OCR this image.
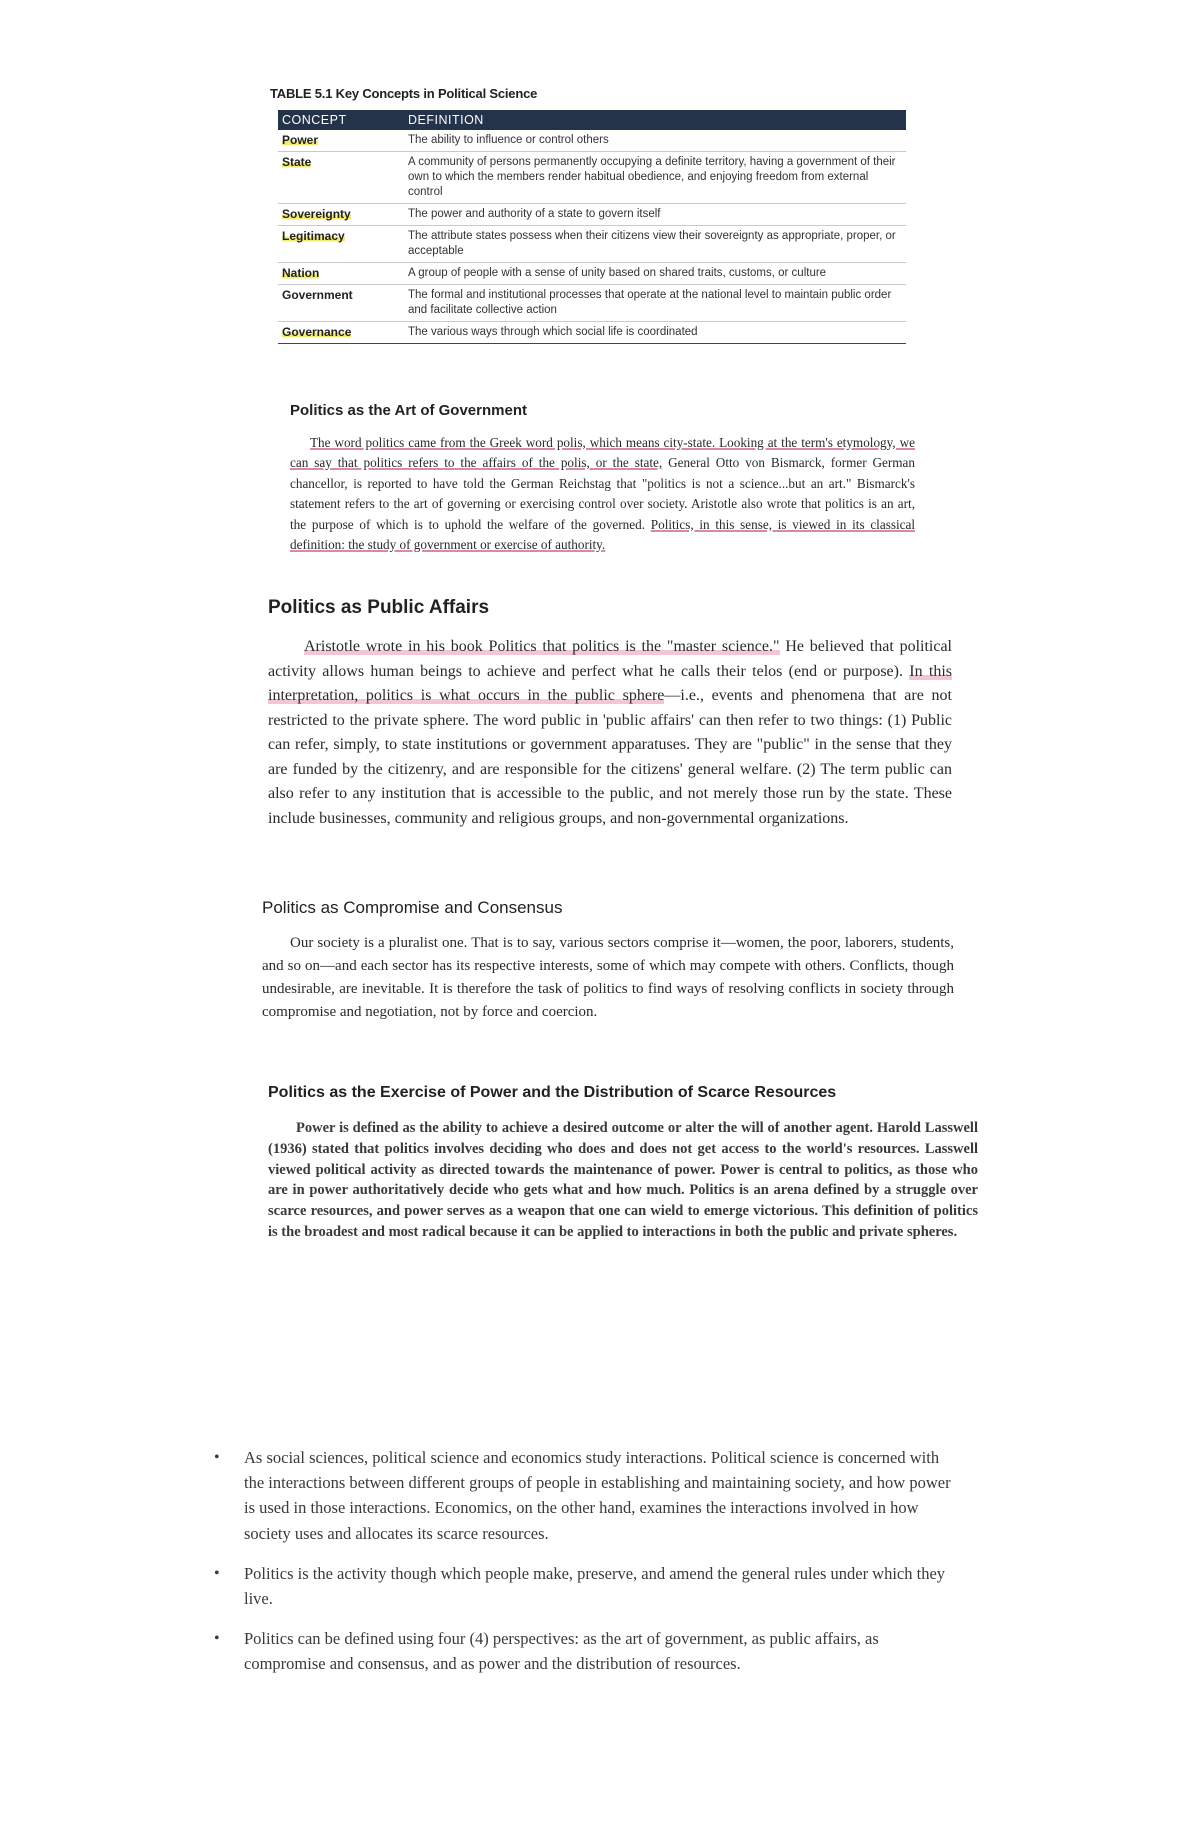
TABLE 5.1 Key Concepts in Political Science
CONCEPT	DEFINITION
Power	The ability to influence or control others
State	A community of persons permanently occupying a definite territory, having a government of their own to which the members render habitual obedience, and enjoying freedom from external control
Sovereignty	The power and authority of a state to govern itself
Legitimacy	The attribute states possess when their citizens view their sovereignty as appropriate, proper, or acceptable
Nation	A group of people with a sense of unity based on shared traits, customs, or culture
Government	The formal and institutional processes that operate at the national level to maintain public order and facilitate collective action
Governance	The various ways through which social life is coordinated
Politics as the Art of Government

The word politics came from the Greek word polis, which means city-state. Looking at the term's etymology, we can say that politics refers to the affairs of the polis, or the state, General Otto von Bismarck, former German chancellor, is reported to have told the German Reichstag that "politics is not a science...but an art." Bismarck's statement refers to the art of governing or exercising control over society. Aristotle also wrote that politics is an art, the purpose of which is to uphold the welfare of the governed. Politics, in this sense, is viewed in its classical definition: the study of government or exercise of authority.

Politics as Public Affairs

Aristotle wrote in his book Politics that politics is the "master science." He believed that political activity allows human beings to achieve and perfect what he calls their telos (end or purpose). In this interpretation, politics is what occurs in the public sphere—i.e., events and phenomena that are not restricted to the private sphere. The word public in 'public affairs' can then refer to two things: (1) Public can refer, simply, to state institutions or government apparatuses. They are "public" in the sense that they are funded by the citizenry, and are responsible for the citizens' general welfare. (2) The term public can also refer to any institution that is accessible to the public, and not merely those run by the state. These include businesses, community and religious groups, and non-governmental organizations.

Politics as Compromise and Consensus

Our society is a pluralist one. That is to say, various sectors comprise it—women, the poor, laborers, students, and so on—and each sector has its respective interests, some of which may compete with others. Conflicts, though undesirable, are inevitable. It is therefore the task of politics to find ways of resolving conflicts in society through compromise and negotiation, not by force and coercion.

Politics as the Exercise of Power and the Distribution of Scarce Resources

Power is defined as the ability to achieve a desired outcome or alter the will of another agent. Harold Lasswell (1936) stated that politics involves deciding who does and does not get access to the world's resources. Lasswell viewed political activity as directed towards the maintenance of power. Power is central to politics, as those who are in power authoritatively decide who gets what and how much. Politics is an arena defined by a struggle over scarce resources, and power serves as a weapon that one can wield to emerge victorious. This definition of politics is the broadest and most radical because it can be applied to interactions in both the public and private spheres.

• As social sciences, political science and economics study interactions. Political science is concerned with the interactions between different groups of people in establishing and maintaining society, and how power is used in those interactions. Economics, on the other hand, examines the interactions involved in how society uses and allocates its scarce resources.
• Politics is the activity though which people make, preserve, and amend the general rules under which they live.
• Politics can be defined using four (4) perspectives: as the art of government, as public affairs, as compromise and consensus, and as power and the distribution of resources.
